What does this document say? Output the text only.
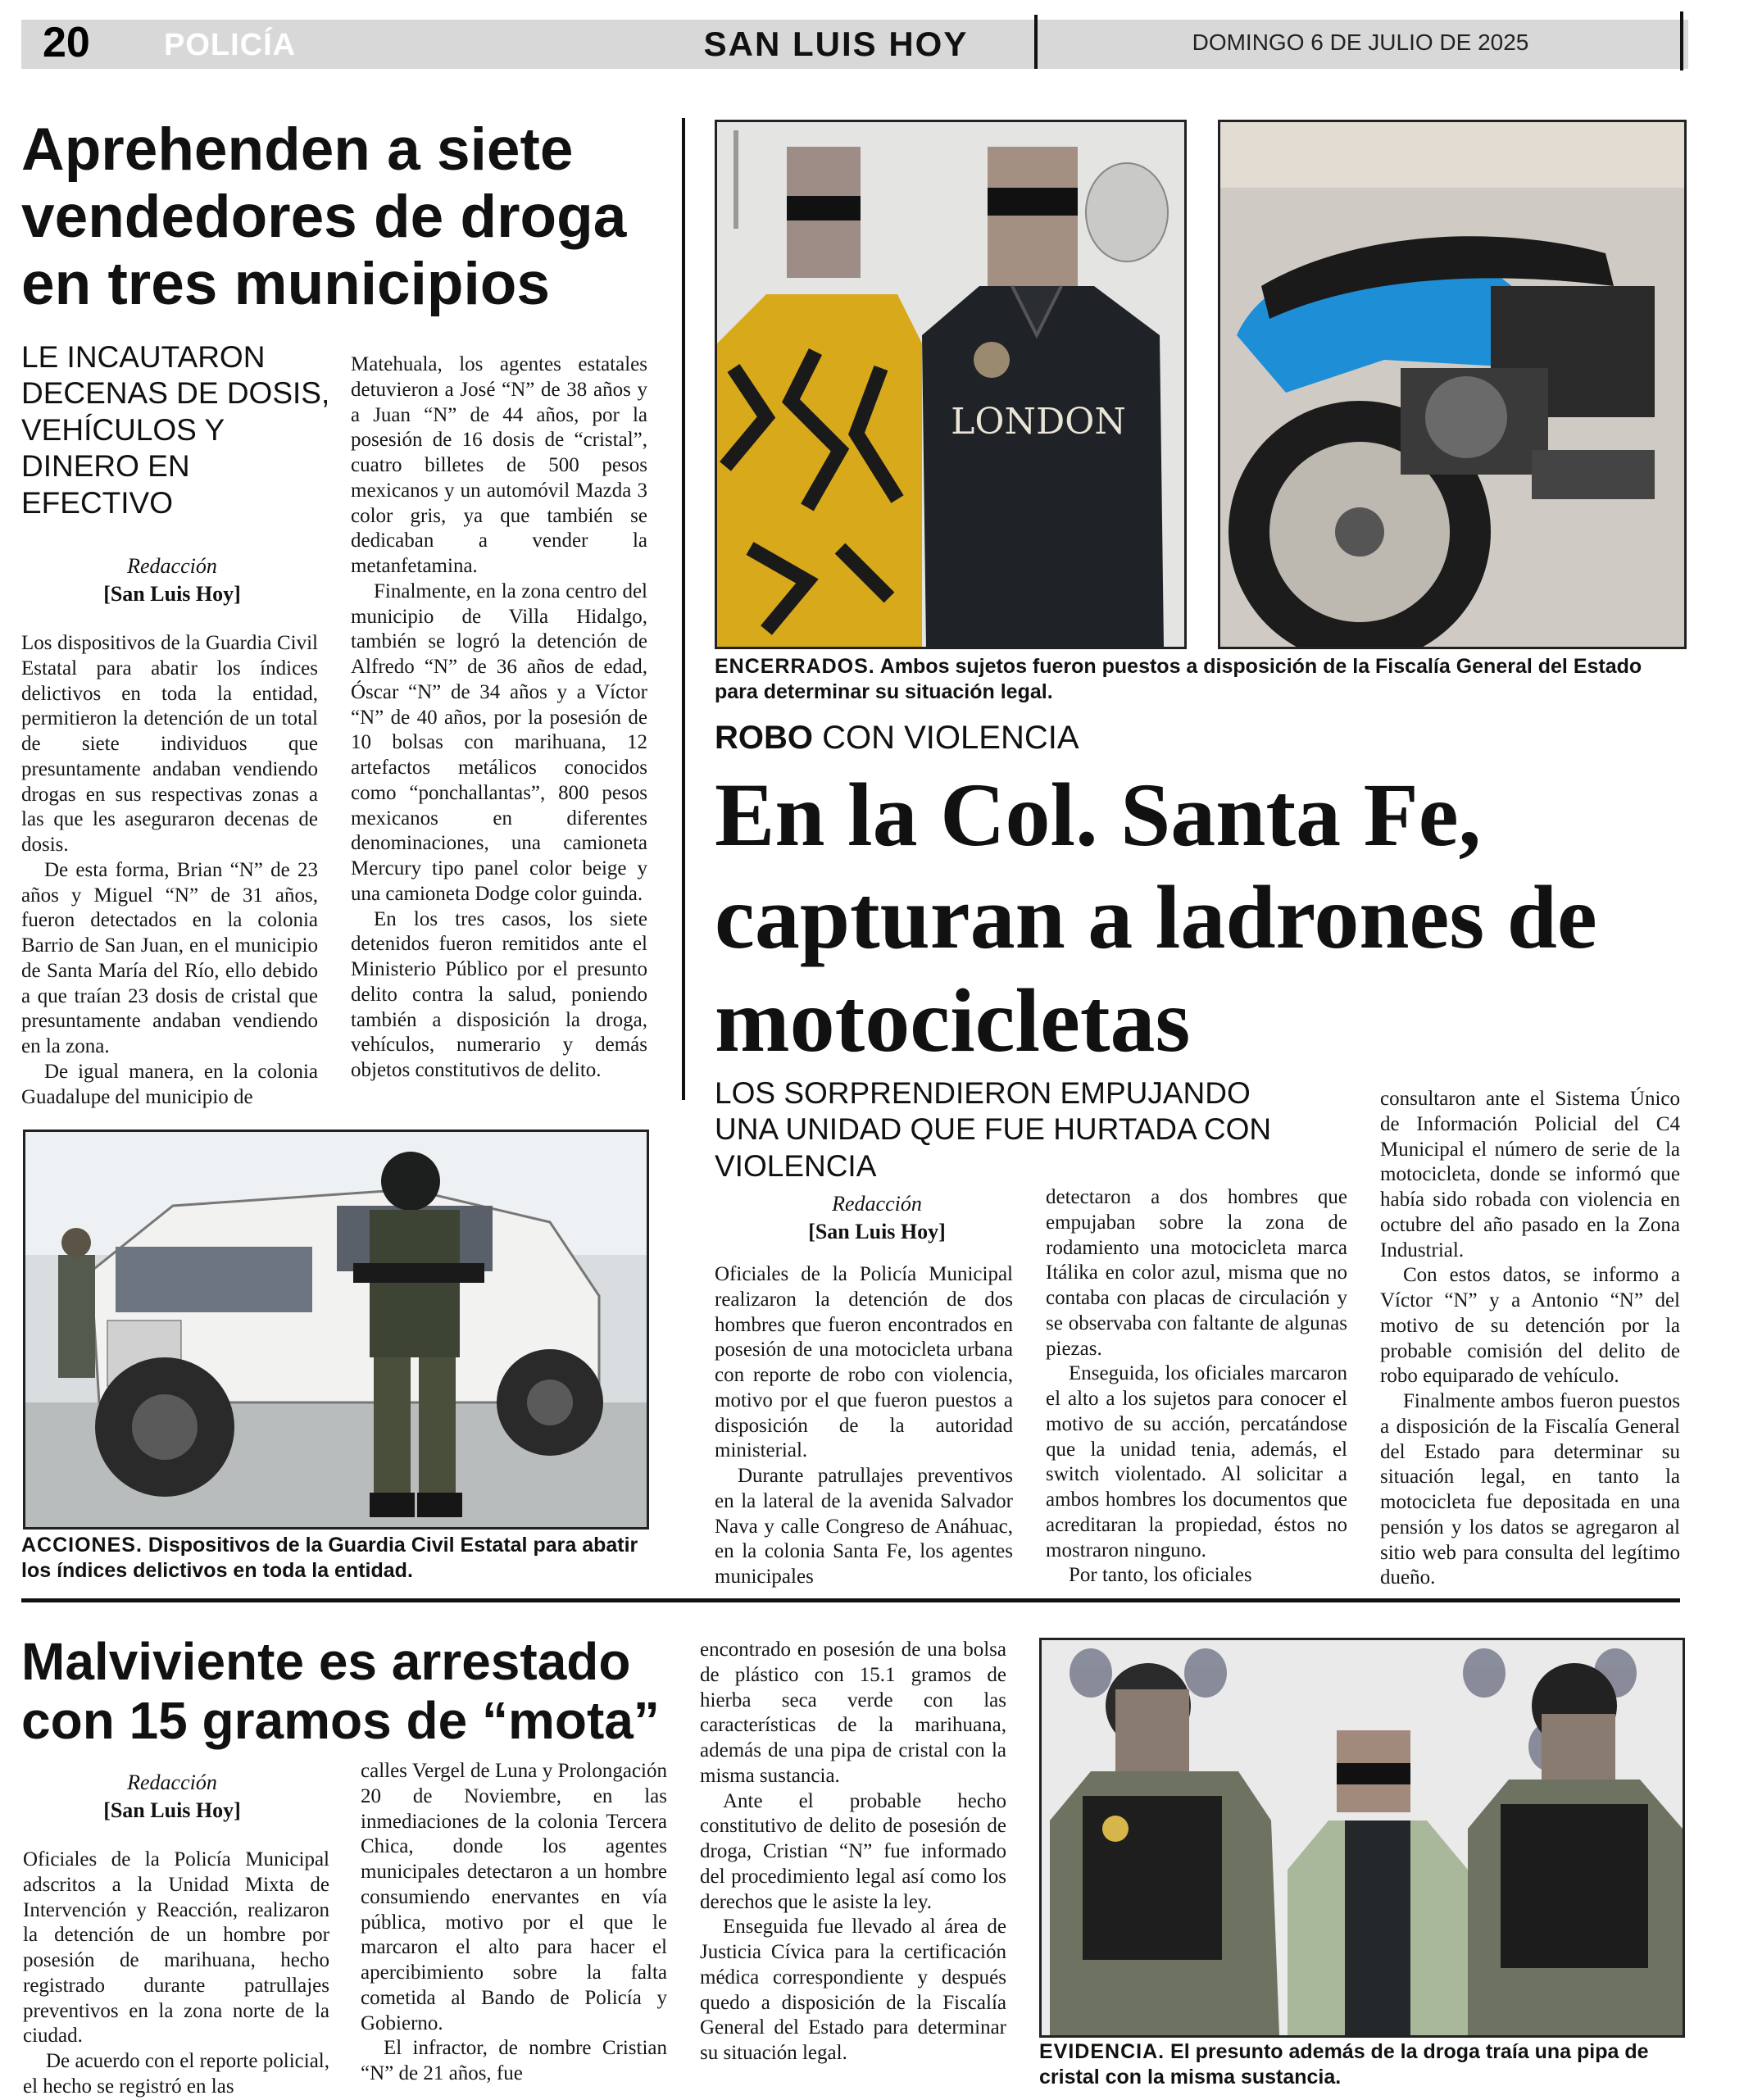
20 POLICÍA	SAN LUIS HOY	DOMINGO 6 DE JULIO DE 2025
Aprehenden a siete vendedores de droga en tres municipios
LE INCAUTARON DECENAS DE DOSIS, VEHÍCULOS Y DINERO EN EFECTIVO
Redacción
[San Luis Hoy]

Los dispositivos de la Guardia Civil Estatal para abatir los índices delictivos en toda la entidad, permitieron la detención de un total de siete individuos que presuntamente andaban vendiendo drogas en sus respectivas zonas a las que les aseguraron decenas de dosis.

De esta forma, Brian “N” de 23 años y Miguel “N” de 31 años, fueron detectados en la colonia Barrio de San Juan, en el municipio de Santa María del Río, ello debido a que traían 23 dosis de cristal que presuntamente andaban vendiendo en la zona.

De igual manera, en la colonia Guadalupe del municipio de

Matehuala, los agentes estatales detuvieron a José “N” de 38 años y a Juan “N” de 44 años, por la posesión de 16 dosis de “cristal”, cuatro billetes de 500 pesos mexicanos y un automóvil Mazda 3 color gris, ya que también se dedicaban a vender la metanfetamina.

Finalmente, en la zona centro del municipio de Villa Hidalgo, también se logró la detención de Alfredo “N” de 36 años de edad, Óscar “N” de 34 años y a Víctor “N” de 40 años, por la posesión de 10 bolsas con marihuana, 12 artefactos metálicos conocidos como “ponchallantas”, 800 pesos mexicanos en diferentes denominaciones, una camioneta Mercury tipo panel color beige y una camioneta Dodge color guinda.

En los tres casos, los siete detenidos fueron remitidos ante el Ministerio Público por el presunto delito contra la salud, poniendo también a disposición la droga, vehículos, numerario y demás objetos constitutivos de delito.

ACCIONES. Dispositivos de la Guardia Civil Estatal para abatir los índices delictivos en toda la entidad.
LONDON
ENCERRADOS. Ambos sujetos fueron puestos a disposición de la Fiscalía General del Estado para determinar su situación legal.
ROBO CON VIOLENCIA
En la Col. Santa Fe, capturan a ladrones de motocicletas
LOS SORPRENDIERON EMPUJANDO UNA UNIDAD QUE FUE HURTADA CON VIOLENCIA
Redacción
[San Luis Hoy]

Oficiales de la Policía Municipal realizaron la detención de dos hombres que fueron encontrados en posesión de una motocicleta urbana con reporte de robo con violencia, motivo por el que fueron puestos a disposición de la autoridad ministerial.

Durante patrullajes preventivos en la lateral de la avenida Salvador Nava y calle Congreso de Anáhuac, en la colonia Santa Fe, los agentes municipales

detectaron a dos hombres que empujaban sobre la zona de rodamiento una motocicleta marca Itálika en color azul, misma que no contaba con placas de circulación y se observaba con faltante de algunas piezas.

Enseguida, los oficiales marcaron el alto a los sujetos para conocer el motivo de su acción, percatándose que la unidad tenia, además, el switch violentado. Al solicitar a ambos hombres los documentos que acreditaran la propiedad, éstos no mostraron ninguno.

Por tanto, los oficiales

consultaron ante el Sistema Único de Información Policial del C4 Municipal el número de serie de la motocicleta, donde se informó que había sido robada con violencia en octubre del año pasado en la Zona Industrial.

Con estos datos, se informo a Víctor “N” y a Antonio “N” del motivo de su detención por la probable comisión del delito de robo equiparado de vehículo.

Finalmente ambos fueron puestos a disposición de la Fiscalía General del Estado para determinar su situación legal, en tanto la motocicleta fue depositada en una pensión y los datos se agregaron al sitio web para consulta del legítimo dueño.

Malviviente es arrestado con 15 gramos de “mota”
Redacción
[San Luis Hoy]

Oficiales de la Policía Municipal adscritos a la Unidad Mixta de Intervención y Reacción, realizaron la detención de un hombre por posesión de marihuana, hecho registrado durante patrullajes preventivos en la zona norte de la ciudad.

De acuerdo con el reporte policial, el hecho se registró en las

calles Vergel de Luna y Prolongación 20 de Noviembre, en las inmediaciones de la colonia Tercera Chica, donde los agentes municipales detectaron a un hombre consumiendo enervantes en vía pública, motivo por el que le marcaron el alto para hacer el apercibimiento sobre la falta cometida al Bando de Policía y Gobierno.

El infractor, de nombre Cristian “N” de 21 años, fue

encontrado en posesión de una bolsa de plástico con 15.1 gramos de hierba seca verde con las características de la marihuana, además de una pipa de cristal con la misma sustancia.

Ante el probable hecho constitutivo de delito de posesión de droga, Cristian “N” fue informado del procedimiento legal así como los derechos que le asiste la ley.

Enseguida fue llevado al área de Justicia Cívica para la certificación médica correspondiente y después quedo a disposición de la Fiscalía General del Estado para determinar su situación legal.	EVIDENCIA. El presunto además de la droga traía una pipa de cristal con la misma sustancia.
